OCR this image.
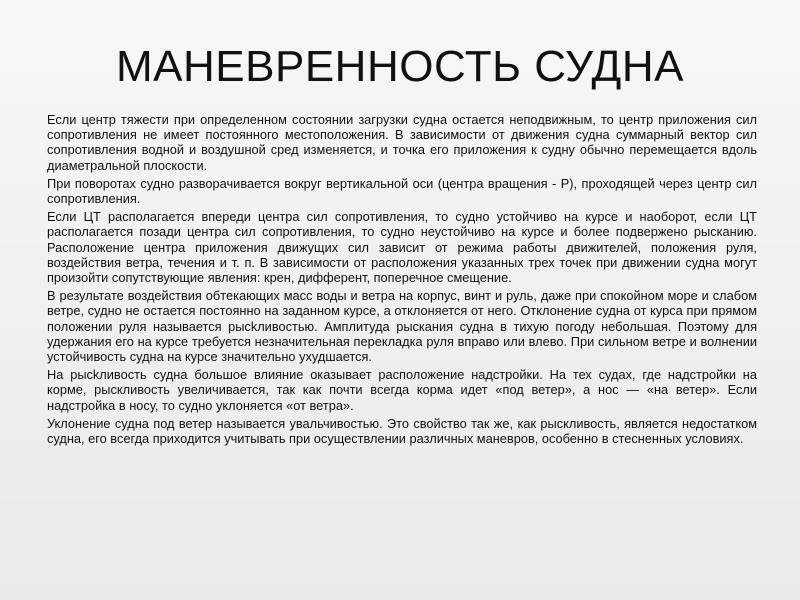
МАНЕВРЕННОСТЬ СУДНА

Если центр тяжести при определенном состоянии загрузки судна остается неподвижным, то центр приложения сил сопротивления не имеет постоянного местоположения. В зависимости от движения судна суммарный вектор сил сопротивления водной и воздушной сред изменяется, и точка его приложения к судну обычно перемещается вдоль диаметральной плоскости.

При поворотах судно разворачивается вокруг вертикальной оси (центра вращения - Р), проходящей через центр сил сопротивления.

Если ЦТ располагается впереди центра сил сопротивления, то судно устойчиво на курсе и наоборот, если ЦТ располагается позади центра сил сопротивления, то судно неустойчиво на курсе и более подвержено рысканию. Расположение центра приложения движущих сил зависит от режима работы движителей, положения руля, воздействия ветра, течения и т. п. В зависимости от расположения указанных трех точек при движении судна могут произойти сопутствующие явления: крен, дифферент, поперечное смещение.

В результате воздействия обтекающих масс воды и ветра на корпус, винт и руль, даже при спокойном море и слабом ветре, судно не остается постоянно на заданном курсе, а отклоняется от него. Отклонение судна от курса при прямом положении руля называется рысkливостью. Амплитуда рыскания судна в тихую погоду небольшая. Поэтому для удержания его на курсе требуется незначительная перекладка руля вправо или влево. При сильном ветре и волнении устойчивость судна на курсе значительно ухудшается.

На рысkливость судна большое влияние оказывает расположение надстройки. На тех судах, где надстройки на корме, рыскливость увеличивается, так как почти всегда корма идет «под ветер», а нос — «на ветер». Если надстройка в носу, то судно уклоняется «от ветра».

Уклонение судна под ветер называется увальчивостью. Это свойство так же, как рыскливость, является недостатком судна, его всегда приходится учитывать при осуществлении различных маневров, особенно в стесненных условиях.
